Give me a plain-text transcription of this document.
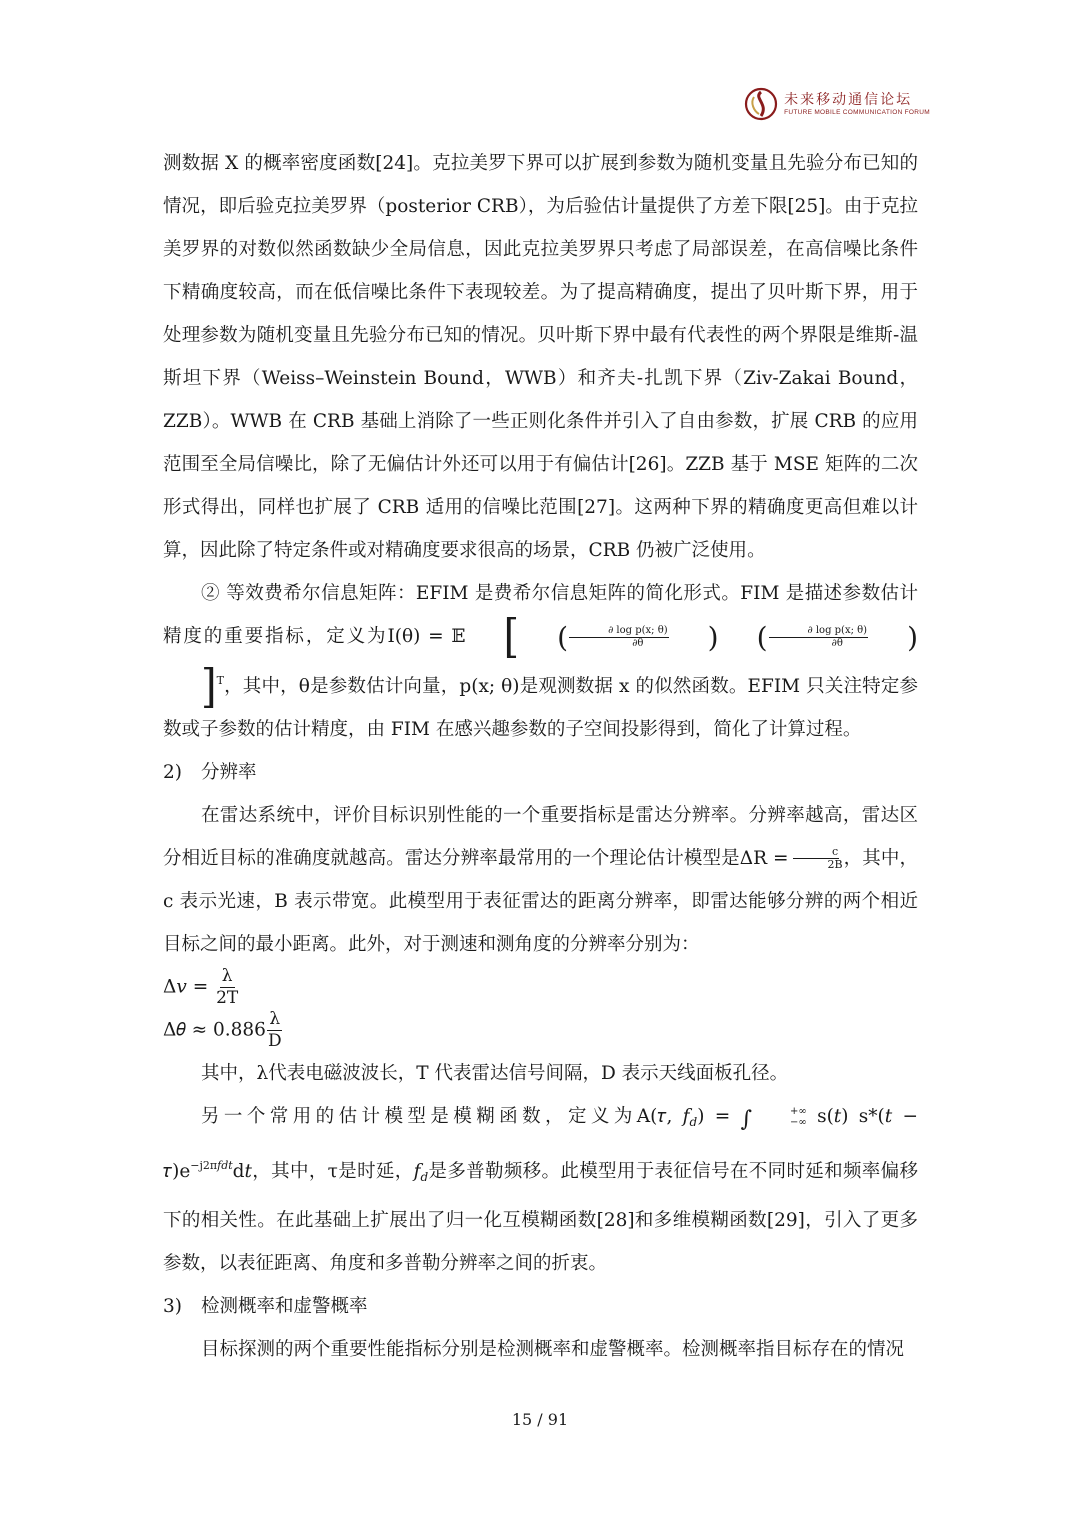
未来移动通信论坛
FUTURE MOBILE COMMUNICATION FORUM

测数据 X 的概率密度函数[24]。克拉美罗下界可以扩展到参数为随机变量且先验分布已知的情况，即后验克拉美罗界（posterior CRB），为后验估计量提供了方差下限[25]。由于克拉美罗界的对数似然函数缺少全局信息，因此克拉美罗界只考虑了局部误差，在高信噪比条件下精确度较高，而在低信噪比条件下表现较差。为了提高精确度，提出了贝叶斯下界，用于处理参数为随机变量且先验分布已知的情况。贝叶斯下界中最有代表性的两个界限是维斯-温斯坦下界（Weiss–Weinstein Bound，WWB）和齐夫-扎凯下界（Ziv-Zakai Bound，ZZB）。WWB 在 CRB 基础上消除了一些正则化条件并引入了自由参数，扩展 CRB 的应用范围至全局信噪比，除了无偏估计外还可以用于有偏估计[26]。ZZB 基于 MSE 矩阵的二次形式得出，同样也扩展了 CRB 适用的信噪比范围[27]。这两种下界的精确度更高但难以计算，因此除了特定条件或对精确度要求很高的场景，CRB 仍被广泛使用。

② 等效费希尔信息矩阵：EFIM 是费希尔信息矩阵的简化形式。FIM 是描述参数估计精度的重要指标，定义为I(θ) = 𝔼 [ ( $\frac{\text{∂ log p(x; θ)}}{\partial\theta}$ ) ( $\frac{\text{∂ log p(x; θ)}}{\partial\theta} )]^T$，其中，θ是参数估计向量，p(x; θ)是观测数据 x 的似然函数。EFIM 只关注特定参数或子参数的估计精度，由 FIM 在感兴趣参数的子空间投影得到，简化了计算过程。

2) 分辨率

在雷达系统中，评价目标识别性能的一个重要指标是雷达分辨率。分辨率越高，雷达区分相近目标的准确度就越高。雷达分辨率最常用的一个理论估计模型是$\Delta R = \frac{c}{2B}$ ，其中，c 表示光速，B 表示带宽。此模型用于表征雷达的距离分辨率，即雷达能够分辨的两个相近目标之间的最小距离。此外，对于测速和测角度的分辨率分别为：

Δ𝑣 = $\frac{\lambda}{2T}$

Δ𝜃 ≈ $0.886 \frac{\lambda}{D}$

其中，λ代表电磁波波长，T 代表雷达信号间隔，D 表示天线面板孔径。

另一个常用的估计模型是模糊函数，定义为A(𝜏, 𝑓$_𝑑$) = ∫	+∞
−∞ s(𝑡) s*(𝑡 − $𝜏)e^{-j2\pi 𝑓𝑑𝑡}d𝑡$，其中，τ是时延，𝑓$_𝑑$是多普勒频移。此模型用于表征信号在不同时延和频率偏移下的相关性。在此基础上扩展出了归一化互模糊函数[28]和多维模糊函数[29]，引入了更多参数，以表征距离、角度和多普勒分辨率之间的折衷。

3) 检测概率和虚警概率

目标探测的两个重要性能指标分别是检测概率和虚警概率。检测概率指目标存在的情况

15 / 91
